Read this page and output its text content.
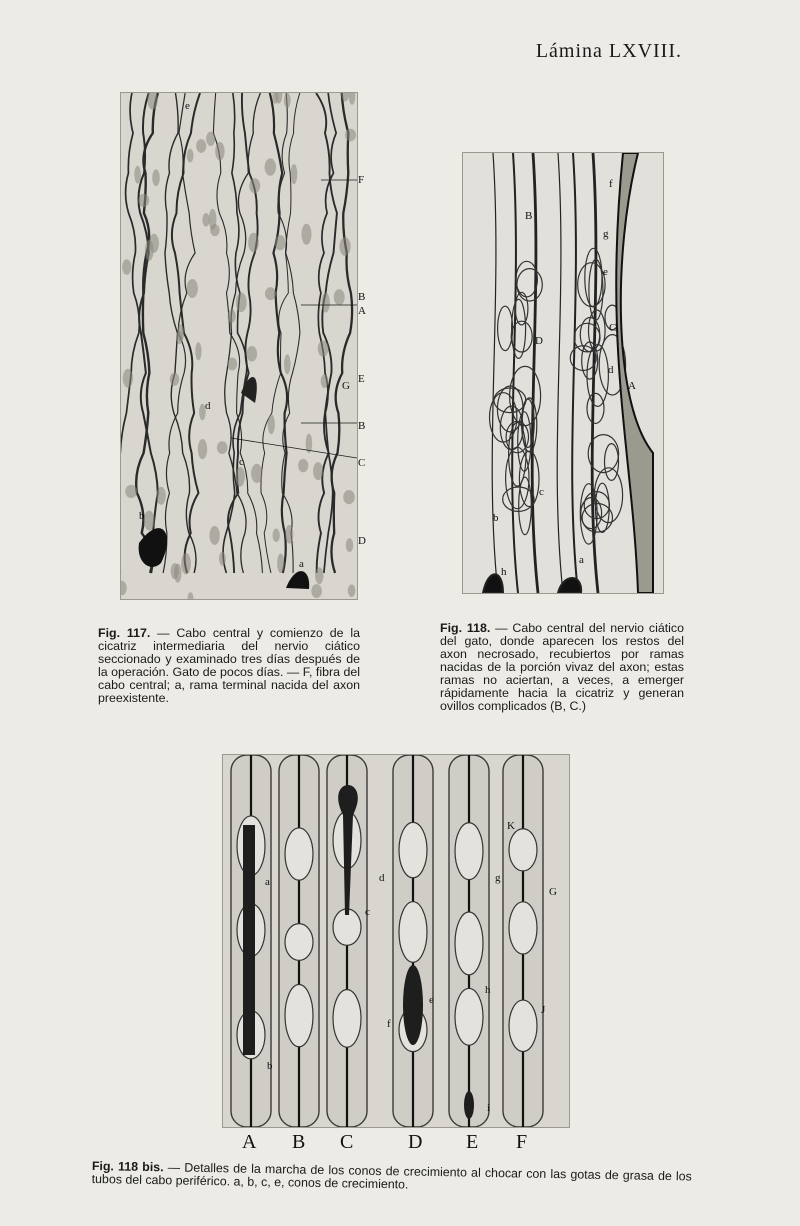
Lámina LXVIII.
e
d
c
b
a
G
F
B
A
E
B
C
D
B
D
A
c
b
h
a
f
g
e
C
d
Fig. 117. — Cabo central y comienzo de la cicatriz intermediaria del nervio ciático seccionado y examinado tres días después de la operación. Gato de pocos días. — F, fibra del cabo central; a, rama terminal nacida del axon preexistente.
Fig. 118. — Cabo central del nervio ciático del gato, donde aparecen los restos del axon necrosado, recubiertos por ramas nacidas de la porción vivaz del axon; estas ramas no aciertan, a veces, a emerger rápidamente hacia la cicatriz y generan ovillos complicados (B, C.)
a
b
c
d	g
K
G
e
f
h
J
i
A B C	D E F
Fig. 118 bis. — Detalles de la marcha de los conos de crecimiento al chocar con las gotas de grasa de los tubos del cabo periférico. a, b, c, e, conos de crecimiento.
